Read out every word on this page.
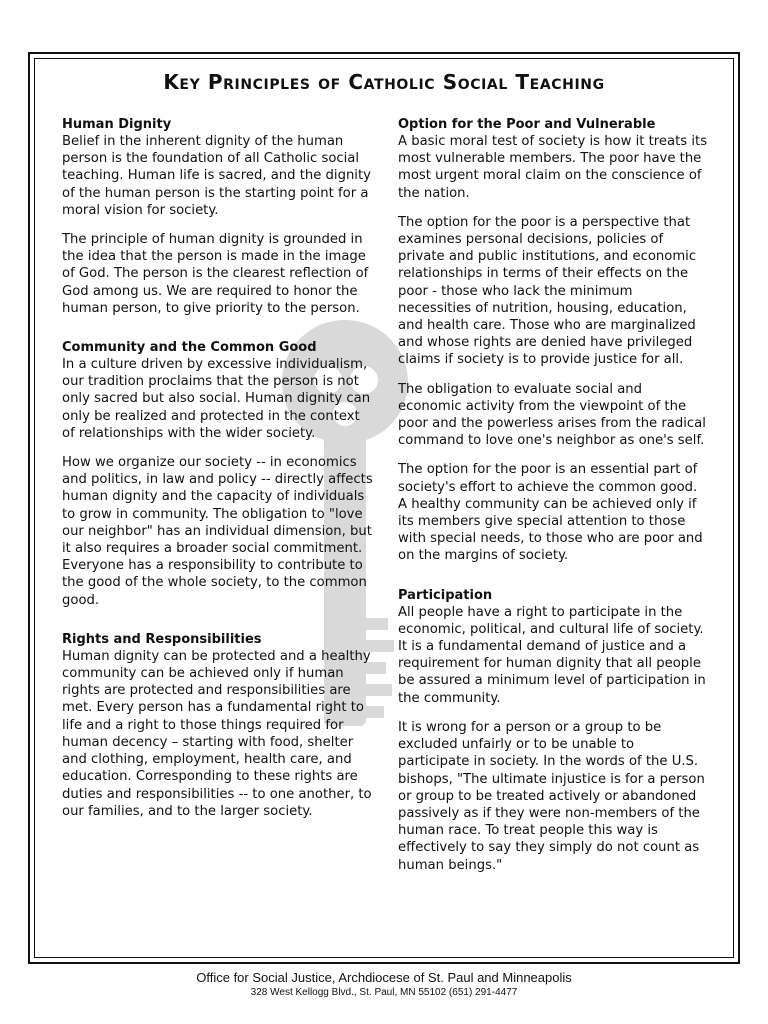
Key Principles of Catholic Social Teaching
Human Dignity

Belief in the inherent dignity of the human person is the foundation of all Catholic social teaching. Human life is sacred, and the dignity of the human person is the starting point for a moral vision for society.

The principle of human dignity is grounded in the idea that the person is made in the image of God. The person is the clearest reflection of God among us. We are required to honor the human person, to give priority to the person.

Community and the Common Good

In a culture driven by excessive individualism, our tradition proclaims that the person is not only sacred but also social. Human dignity can only be realized and protected in the context of relationships with the wider society.

How we organize our society -- in economics and politics, in law and policy -- directly affects human dignity and the capacity of individuals to grow in community. The obligation to "love our neighbor" has an individual dimension, but it also requires a broader social commitment. Everyone has a responsibility to contribute to the good of the whole society, to the common good.

Rights and Responsibilities

Human dignity can be protected and a healthy community can be achieved only if human rights are protected and responsibilities are met. Every person has a fundamental right to life and a right to those things required for human decency – starting with food, shelter and clothing, employment, health care, and education. Corresponding to these rights are duties and responsibilities -- to one another, to our families, and to the larger society.

Option for the Poor and Vulnerable

A basic moral test of society is how it treats its most vulnerable members. The poor have the most urgent moral claim on the conscience of the nation.

The option for the poor is a perspective that examines personal decisions, policies of private and public institutions, and economic relationships in terms of their effects on the poor - those who lack the minimum necessities of nutrition, housing, education, and health care. Those who are marginalized and whose rights are denied have privileged claims if society is to provide justice for all.

The obligation to evaluate social and economic activity from the viewpoint of the poor and the powerless arises from the radical command to love one's neighbor as one's self.

The option for the poor is an essential part of society's effort to achieve the common good. A healthy community can be achieved only if its members give special attention to those with special needs, to those who are poor and on the margins of society.

Participation

All people have a right to participate in the economic, political, and cultural life of society. It is a fundamental demand of justice and a requirement for human dignity that all people be assured a minimum level of participation in the community.

It is wrong for a person or a group to be excluded unfairly or to be unable to participate in society. In the words of the U.S. bishops, "The ultimate injustice is for a person or group to be treated actively or abandoned passively as if they were non-members of the human race. To treat people this way is effectively to say they simply do not count as human beings."

Office for Social Justice, Archdiocese of St. Paul and Minneapolis
328 West Kellogg Blvd., St. Paul, MN 55102 (651) 291-4477
